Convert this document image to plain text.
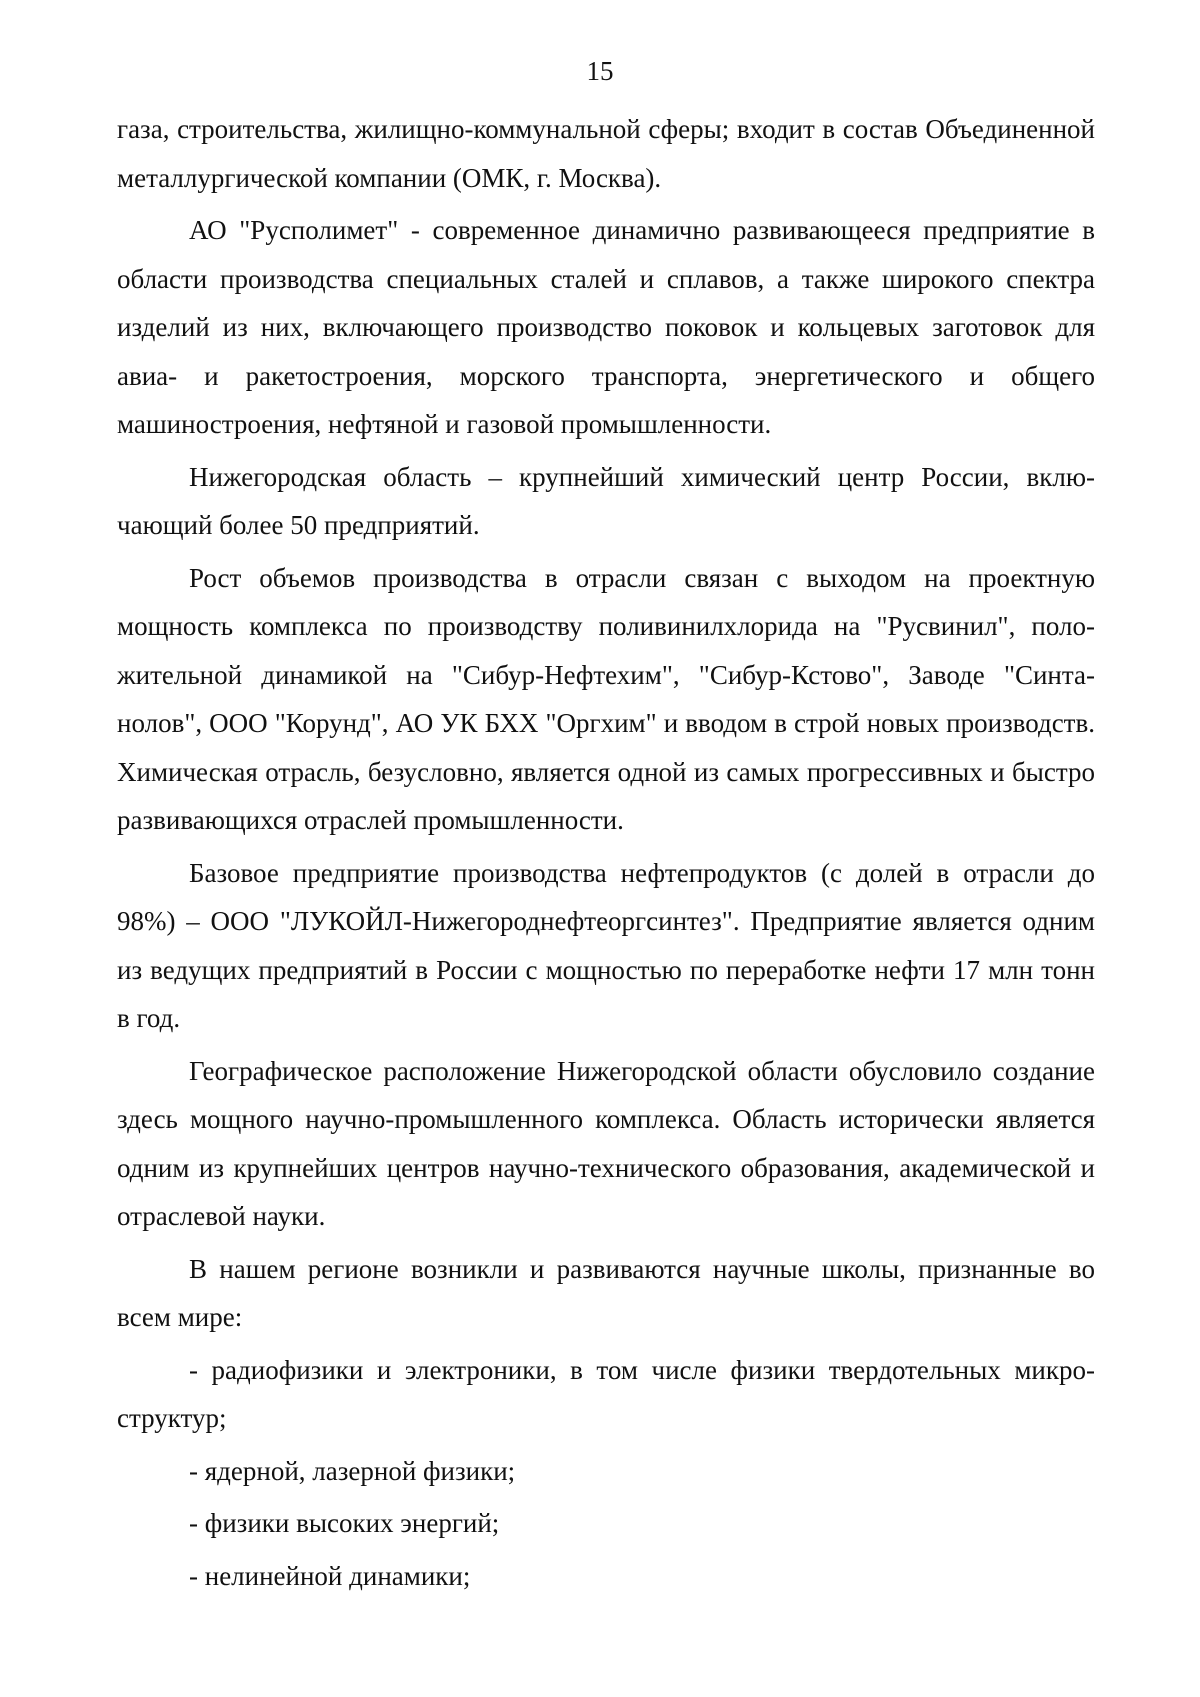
15

газа, строительства, жилищно-коммунальной сферы; входит в состав Объединенной металлургической компании (ОМК, г. Москва).

АО "Русполимет" - современное динамично развивающееся предприятие в области производства специальных сталей и сплавов, а также широкого спектра изделий из них, включающего производство поковок и кольцевых заготовок для авиа- и ракетостроения, морского транспорта, энергетического и общего машиностроения, нефтяной и газовой промышленности.

Нижегородская область – крупнейший химический центр России, включающий более 50 предприятий.

Рост объемов производства в отрасли связан с выходом на проектную мощность комплекса по производству поливинилхлорида на "Русвинил", положительной динамикой на "Сибур-Нефтехим", "Сибур-Кстово", Заводе "Синтанолов", ООО "Корунд", АО УК БХХ "Оргхим" и вводом в строй новых производств. Химическая отрасль, безусловно, является одной из самых прогрессивных и быстро развивающихся отраслей промышленности.

Базовое предприятие производства нефтепродуктов (с долей в отрасли до 98%) – ООО "ЛУКОЙЛ-Нижегороднефтеоргсинтез". Предприятие является одним из ведущих предприятий в России с мощностью по переработке нефти 17 млн тонн в год.

Географическое расположение Нижегородской области обусловило создание здесь мощного научно-промышленного комплекса. Область исторически является одним из крупнейших центров научно-технического образования, академической и отраслевой науки.

В нашем регионе возникли и развиваются научные школы, признанные во всем мире:

- радиофизики и электроники, в том числе физики твердотельных микроструктур;

- ядерной, лазерной физики;

- физики высоких энергий;

- нелинейной динамики;
